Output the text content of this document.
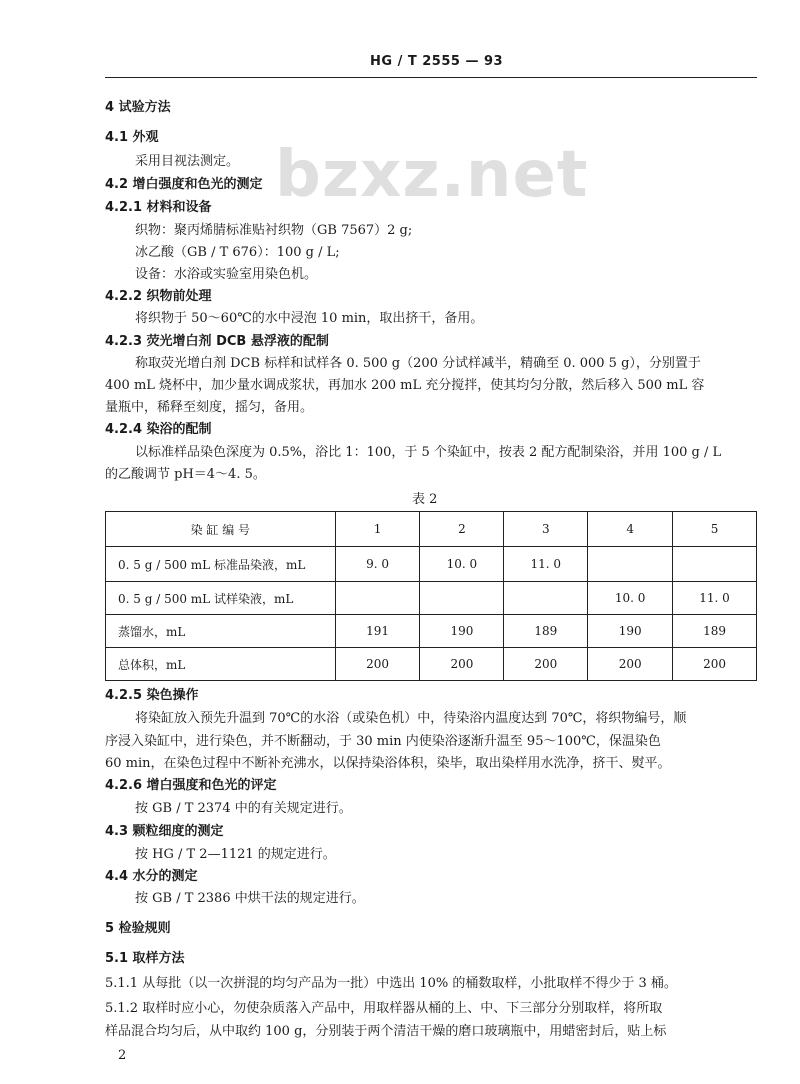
HG / T 2555 — 93
bzxz.net
4 试验方法
4.1 外观
采用目视法测定。
4.2 增白强度和色光的测定
4.2.1 材料和设备
织物：聚丙烯腈标准贴衬织物（GB 7567）2 g;
冰乙酸（GB / T 676）：100 g / L;
设备：水浴或实验室用染色机。
4.2.2 织物前处理
将织物于 50～60℃的水中浸泡 10 min，取出挤干，备用。
4.2.3 荧光增白剂 DCB 悬浮液的配制
称取荧光增白剂 DCB 标样和试样各 0. 500 g（200 分试样减半，精确至 0. 000 5 g），分别置于
400 mL 烧杯中，加少量水调成浆状，再加水 200 mL 充分搅拌，使其均匀分散，然后移入 500 mL 容
量瓶中，稀释至刻度，摇匀，备用。
4.2.4 染浴的配制
以标准样品染色深度为 0.5%，浴比 1：100，于 5 个染缸中，按表 2 配方配制染浴，并用 100 g / L
的乙酸调节 pH＝4～4. 5。
表 2
染 缸 编 号	1	2	3	4	5
0. 5 g / 500 mL 标准品染液，mL	9. 0	10. 0	11. 0		
0. 5 g / 500 mL 试样染液，mL				10. 0	11. 0
蒸馏水，mL	191	190	189	190	189
总体积，mL	200	200	200	200	200
4.2.5 染色操作
将染缸放入预先升温到 70℃的水浴（或染色机）中，待染浴内温度达到 70℃，将织物编号，顺
序浸入染缸中，进行染色，并不断翻动，于 30 min 内使染浴逐渐升温至 95～100℃，保温染色
60 min，在染色过程中不断补充沸水，以保持染浴体积，染毕，取出染样用水洗净，挤干、熨平。
4.2.6 增白强度和色光的评定
按 GB / T 2374 中的有关规定进行。
4.3 颗粒细度的测定
按 HG / T 2—1121 的规定进行。
4.4 水分的测定
按 GB / T 2386 中烘干法的规定进行。
5 检验规则
5.1 取样方法
5.1.1 从每批（以一次拼混的均匀产品为一批）中选出 10% 的桶数取样，小批取样不得少于 3 桶。
5.1.2 取样时应小心，勿使杂质落入产品中，用取样器从桶的上、中、下三部分分别取样，将所取
样品混合均匀后，从中取约 100 g，分别装于两个清洁干燥的磨口玻璃瓶中，用蜡密封后，贴上标
2
